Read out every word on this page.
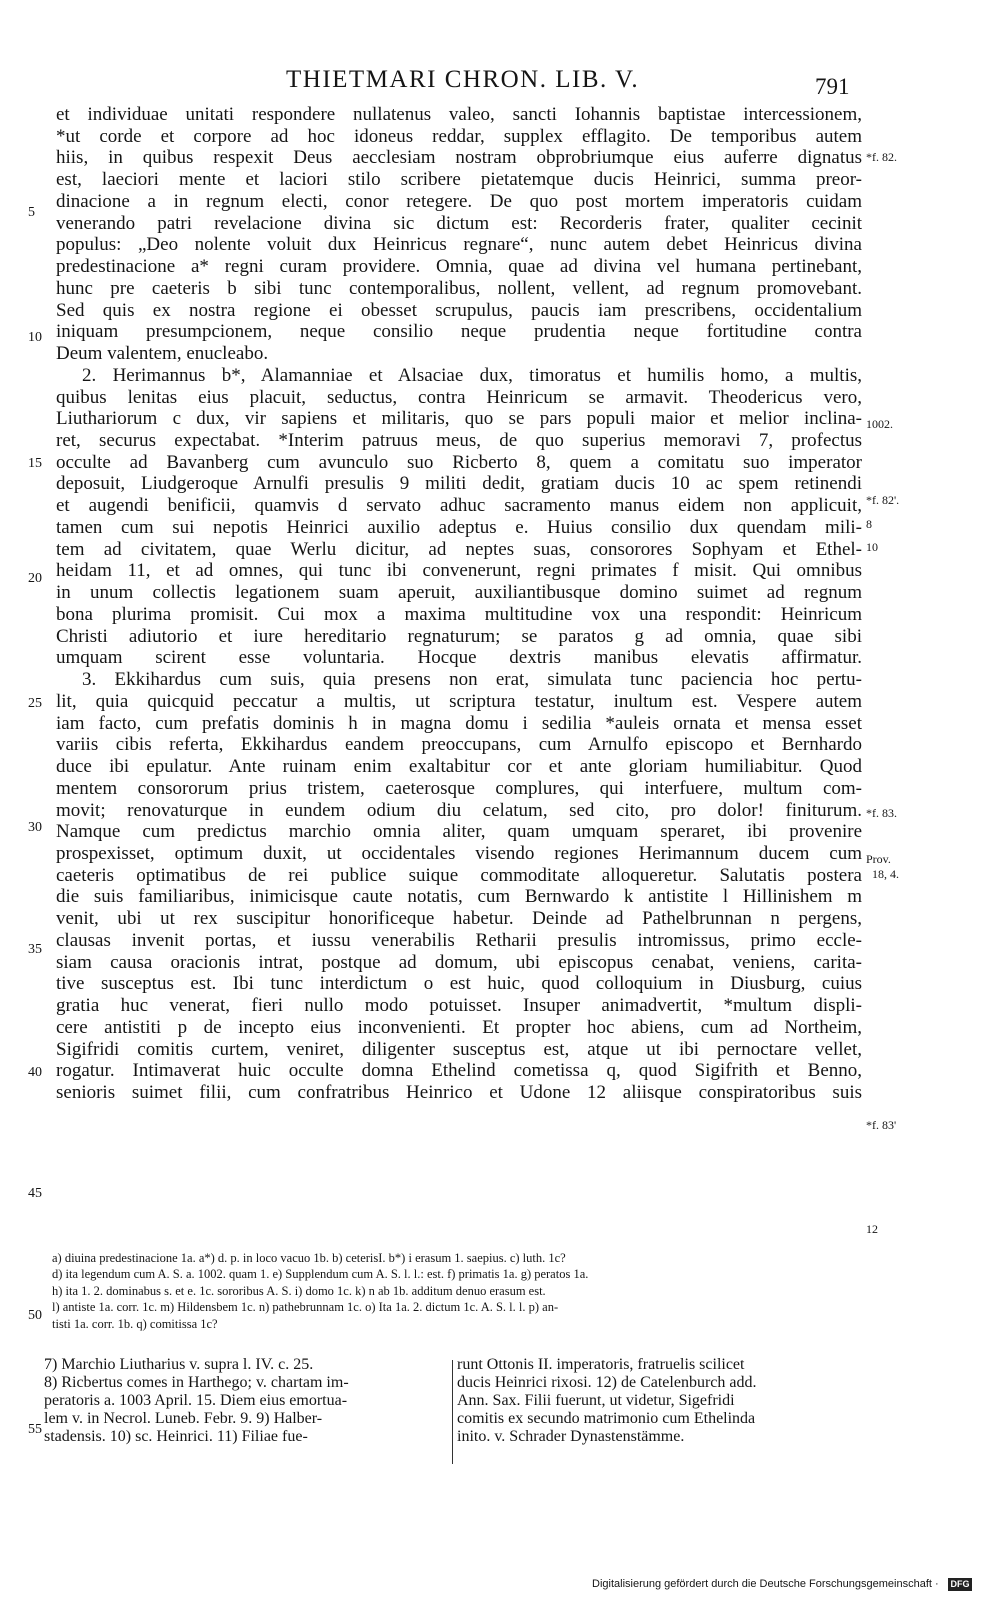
THIETMARI CHRON. LIB. V.	791
et individuae unitati respondere nullatenus valeo, sancti Iohannis baptistae intercessionem,
*ut corde et corpore ad hoc idoneus reddar, supplex efflagito. De temporibus autem
hiis, in quibus respexit Deus aecclesiam nostram obprobriumque eius auferre dignatus
est, laeciori mente et laciori stilo scribere pietatemque ducis Heinrici, summa preor-
dinacione a in regnum electi, conor retegere. De quo post mortem imperatoris cuidam
venerando patri revelacione divina sic dictum est: Recorderis frater, qualiter cecinit
populus: „Deo nolente voluit dux Heinricus regnare“, nunc autem debet Heinricus divina
predestinacione a* regni curam providere. Omnia, quae ad divina vel humana pertinebant,
hunc pre caeteris b sibi tunc contemporalibus, nollent, vellent, ad regnum promovebant.
Sed quis ex nostra regione ei obesset scrupulus, paucis iam prescribens, occidentalium
iniquam presumpcionem, neque consilio neque prudentia neque fortitudine contra
Deum valentem, enucleabo.
2. Herimannus b*, Alamanniae et Alsaciae dux, timoratus et humilis homo, a multis,
quibus lenitas eius placuit, seductus, contra Heinricum se armavit. Theodericus vero,
Liuthariorum c dux, vir sapiens et militaris, quo se pars populi maior et melior inclina-
ret, securus expectabat. *Interim patruus meus, de quo superius memoravi 7, profectus
occulte ad Bavanberg cum avunculo suo Ricberto 8, quem a comitatu suo imperator
deposuit, Liudgeroque Arnulfi presulis 9 militi dedit, gratiam ducis 10 ac spem retinendi
et augendi benificii, quamvis d servato adhuc sacramento manus eidem non applicuit,
tamen cum sui nepotis Heinrici auxilio adeptus e. Huius consilio dux quendam mili-
tem ad civitatem, quae Werlu dicitur, ad neptes suas, consorores Sophyam et Ethel-
heidam 11, et ad omnes, qui tunc ibi convenerunt, regni primates f misit. Qui omnibus
in unum collectis legationem suam aperuit, auxiliantibusque domino suimet ad regnum
bona plurima promisit. Cui mox a maxima multitudine vox una respondit: Heinricum
Christi adiutorio et iure hereditario regnaturum; se paratos g ad omnia, quae sibi
umquam scirent esse voluntaria. Hocque dextris manibus elevatis affirmatur.
3. Ekkihardus cum suis, quia presens non erat, simulata tunc paciencia hoc pertu-
lit, quia quicquid peccatur a multis, ut scriptura testatur, inultum est. Vespere autem
iam facto, cum prefatis dominis h in magna domu i sedilia *auleis ornata et mensa esset
variis cibis referta, Ekkihardus eandem preoccupans, cum Arnulfo episcopo et Bernhardo
duce ibi epulatur. Ante ruinam enim exaltabitur cor et ante gloriam humiliabitur. Quod
mentem consororum prius tristem, caeterosque complures, qui interfuere, multum com-
movit; renovaturque in eundem odium diu celatum, sed cito, pro dolor! finiturum.
Namque cum predictus marchio omnia aliter, quam umquam speraret, ibi provenire
prospexisset, optimum duxit, ut occidentales visendo regiones Herimannum ducem cum
caeteris optimatibus de rei publice suique commoditate alloqueretur. Salutatis postera
die suis familiaribus, inimicisque caute notatis, cum Bernwardo k antistite l Hillinishem m
venit, ubi ut rex suscipitur honorificeque habetur. Deinde ad Pathelbrunnan n pergens,
clausas invenit portas, et iussu venerabilis Retharii presulis intromissus, primo eccle-
siam causa oracionis intrat, postque ad domum, ubi episcopus cenabat, veniens, carita-
tive susceptus est. Ibi tunc interdictum o est huic, quod colloquium in Diusburg, cuius
gratia huc venerat, fieri nullo modo potuisset. Insuper animadvertit, *multum displi-
cere antistiti p de incepto eius inconvenienti. Et propter hoc abiens, cum ad Northeim,
Sigifridi comitis curtem, veniret, diligenter susceptus est, atque ut ibi pernoctare vellet,
rogatur. Intimaverat huic occulte domna Ethelind cometissa q, quod Sigifrith et Benno,
senioris suimet filii, cum confratribus Heinrico et Udone 12 aliisque conspiratoribus suis
5
10
15
20
25
30
35
40
45
50
55
*f. 82.
1002.
*f. 82'.
8
10
*f. 83.
Prov.
18, 4.
*f. 83'
12
a) diuina predestinacione 1a. a*) d. p. in loco vacuo 1b. b) ceterisI. b*) i erasum 1. saepius. c) luth. 1c?
d) ita legendum cum A. S. a. 1002. quam 1. e) Supplendum cum A. S. l. l.: est. f) primatis 1a. g) peratos 1a.
h) ita 1. 2. dominabus s. et e. 1c. sororibus A. S. i) domo 1c. k) n ab 1b. additum denuo erasum est.
l) antiste 1a. corr. 1c. m) Hildensbem 1c. n) pathebrunnam 1c. o) Ita 1a. 2. dictum 1c. A. S. l. l. p) an-
tisti 1a. corr. 1b. q) comitissa 1c?
7) Marchio Liutharius v. supra l. IV. c. 25.
8) Ricbertus comes in Harthego; v. chartam im-
peratoris a. 1003 April. 15. Diem eius emortua-
lem v. in Necrol. Luneb. Febr. 9. 9) Halber-
stadensis. 10) sc. Heinrici. 11) Filiae fue-
runt Ottonis II. imperatoris, fratruelis scilicet
ducis Heinrici rixosi. 12) de Catelenburch add.
Ann. Sax. Filii fuerunt, ut videtur, Sigefridi
comitis ex secundo matrimonio cum Ethelinda
inito. v. Schrader Dynastenstämme.
Digitalisierung gefördert durch die Deutsche Forschungsgemeinschaft · DFG
